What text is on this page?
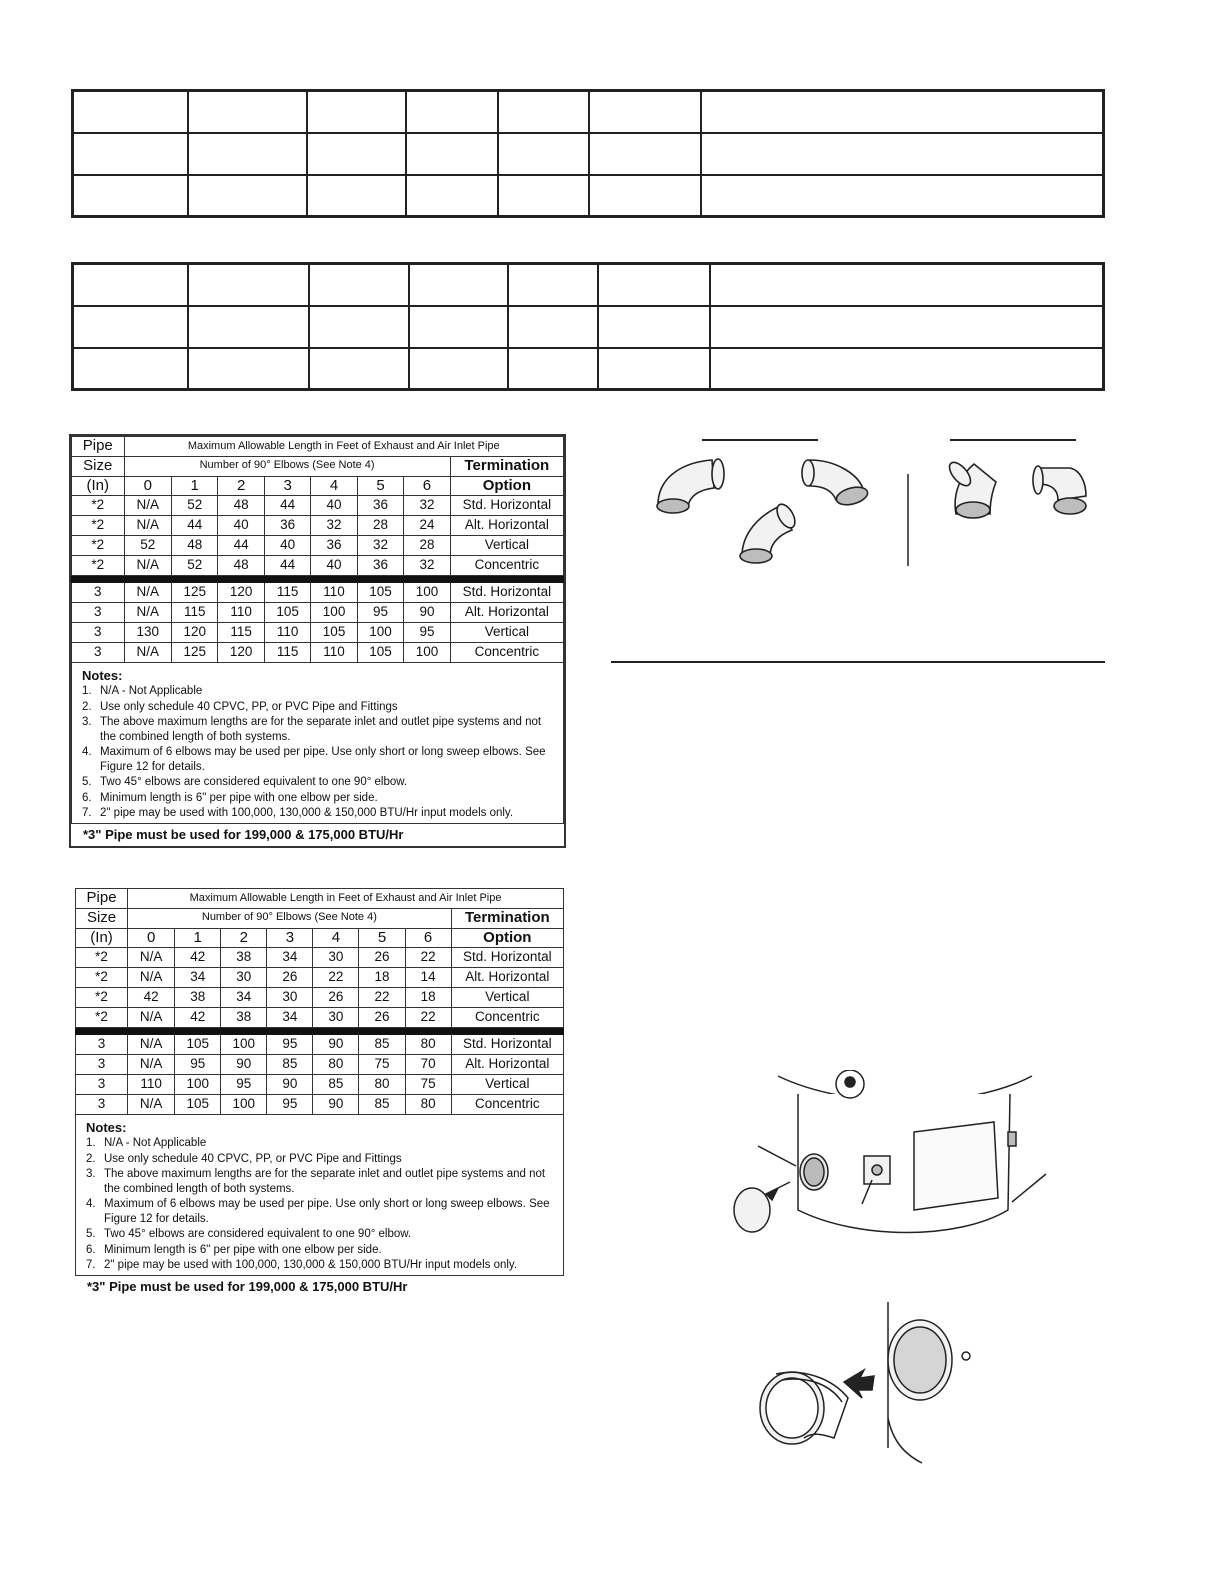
Pipe	Maximum Allowable Length in Feet of Exhaust and Air Inlet Pipe							
Size	Number of 90° Elbows (See Note 4)							Termination
(In)	0	1	2	3	4	5	6	Option
*2	N/A	52	48	44	40	36	32	Std. Horizontal
*2	N/A	44	40	36	32	28	24	Alt. Horizontal
*2	52	48	44	40	36	32	28	Vertical
*2	N/A	52	48	44	40	36	32	Concentric

3	N/A	125	120	115	110	105	100	Std. Horizontal
3	N/A	115	110	105	100	95	90	Alt. Horizontal
3	130	120	115	110	105	100	95	Vertical
3	N/A	125	120	115	110	105	100	Concentric
Notes:
1. N/A - Not Applicable
2. Use only schedule 40 CPVC, PP, or PVC Pipe and Fittings
3. The above maximum lengths are for the separate inlet and outlet pipe systems and not the combined length of both systems.
4. Maximum of 6 elbows may be used per pipe. Use only short or long sweep elbows. See Figure 12 for details.
5. Two 45° elbows are considered equivalent to one 90° elbow.
6. Minimum length is 6" per pipe with one elbow per side.
7. 2" pipe may be used with 100,000, 130,000 & 150,000 BTU/Hr input models only.
*3" Pipe must be used for 199,000 & 175,000 BTU/Hr
Pipe	Maximum Allowable Length in Feet of Exhaust and Air Inlet Pipe							
Size	Number of 90° Elbows (See Note 4)							Termination
(In)	0	1	2	3	4	5	6	Option
*2	N/A	42	38	34	30	26	22	Std. Horizontal
*2	N/A	34	30	26	22	18	14	Alt. Horizontal
*2	42	38	34	30	26	22	18	Vertical
*2	N/A	42	38	34	30	26	22	Concentric

3	N/A	105	100	95	90	85	80	Std. Horizontal
3	N/A	95	90	85	80	75	70	Alt. Horizontal
3	110	100	95	90	85	80	75	Vertical
3	N/A	105	100	95	90	85	80	Concentric
Notes:
1. N/A - Not Applicable
2. Use only schedule 40 CPVC, PP, or PVC Pipe and Fittings
3. The above maximum lengths are for the separate inlet and outlet pipe systems and not the combined length of both systems.
4. Maximum of 6 elbows may be used per pipe. Use only short or long sweep elbows. See Figure 12 for details.
5. Two 45° elbows are considered equivalent to one 90° elbow.
6. Minimum length is 6" per pipe with one elbow per side.
7. 2" pipe may be used with 100,000, 130,000 & 150,000 BTU/Hr input models only.
*3" Pipe must be used for 199,000 & 175,000 BTU/Hr
